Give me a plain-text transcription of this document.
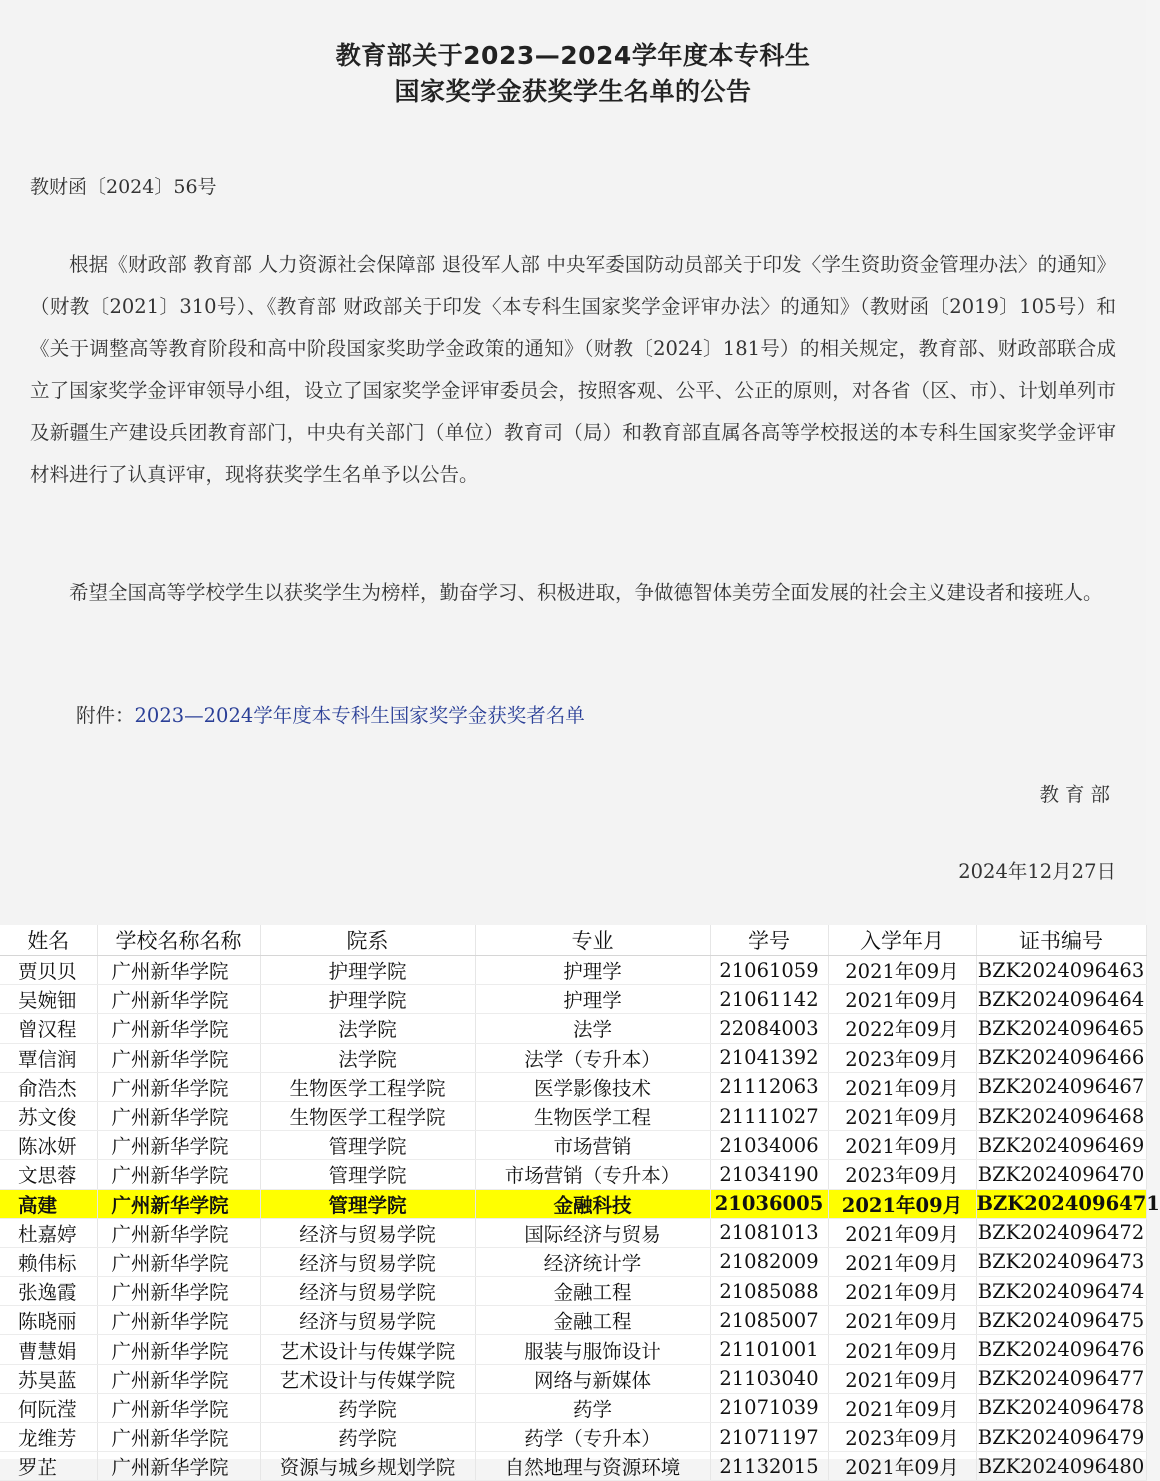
教育部关于2023—2024学年度本专科生
国家奖学金获奖学生名单的公告
教财函〔2024〕56号

根据《财政部 教育部 人力资源社会保障部 退役军人部 中央军委国防动员部关于印发〈学生资助资金管理办法〉的通知》（财教〔2021〕310号）、《教育部 财政部关于印发〈本专科生国家奖学金评审办法〉的通知》（教财函〔2019〕105号）和《关于调整高等教育阶段和高中阶段国家奖助学金政策的通知》（财教〔2024〕181号）的相关规定，教育部、财政部联合成立了国家奖学金评审领导小组，设立了国家奖学金评审委员会，按照客观、公平、公正的原则，对各省（区、市）、计划单列市及新疆生产建设兵团教育部门，中央有关部门（单位）教育司（局）和教育部直属各高等学校报送的本专科生国家奖学金评审材料进行了认真评审，现将获奖学生名单予以公告。

希望全国高等学校学生以获奖学生为榜样，勤奋学习、积极进取，争做德智体美劳全面发展的社会主义建设者和接班人。

附件：2023—2024学年度本专科生国家奖学金获奖者名单
教育部
2024年12月27日
姓名	学校名称名称	院系	专业	学号	入学年月	证书编号
贾贝贝	广州新华学院	护理学院	护理学	21061059	2021年09月	BZK2024096463
吴婉钿	广州新华学院	护理学院	护理学	21061142	2021年09月	BZK2024096464
曾汉程	广州新华学院	法学院	法学	22084003	2022年09月	BZK2024096465
覃信润	广州新华学院	法学院	法学（专升本）	21041392	2023年09月	BZK2024096466
俞浩杰	广州新华学院	生物医学工程学院	医学影像技术	21112063	2021年09月	BZK2024096467
苏文俊	广州新华学院	生物医学工程学院	生物医学工程	21111027	2021年09月	BZK2024096468
陈冰妍	广州新华学院	管理学院	市场营销	21034006	2021年09月	BZK2024096469
文思蓉	广州新华学院	管理学院	市场营销（专升本）	21034190	2023年09月	BZK2024096470
高建	广州新华学院	管理学院	金融科技	21036005	2021年09月	BZK2024096471
杜嘉婷	广州新华学院	经济与贸易学院	国际经济与贸易	21081013	2021年09月	BZK2024096472
赖伟标	广州新华学院	经济与贸易学院	经济统计学	21082009	2021年09月	BZK2024096473
张逸霞	广州新华学院	经济与贸易学院	金融工程	21085088	2021年09月	BZK2024096474
陈晓丽	广州新华学院	经济与贸易学院	金融工程	21085007	2021年09月	BZK2024096475
曹慧娟	广州新华学院	艺术设计与传媒学院	服装与服饰设计	21101001	2021年09月	BZK2024096476
苏昊蓝	广州新华学院	艺术设计与传媒学院	网络与新媒体	21103040	2021年09月	BZK2024096477
何阮滢	广州新华学院	药学院	药学	21071039	2021年09月	BZK2024096478
龙维芳	广州新华学院	药学院	药学（专升本）	21071197	2023年09月	BZK2024096479
罗芷	广州新华学院	资源与城乡规划学院	自然地理与资源环境	21132015	2021年09月	BZK2024096480
